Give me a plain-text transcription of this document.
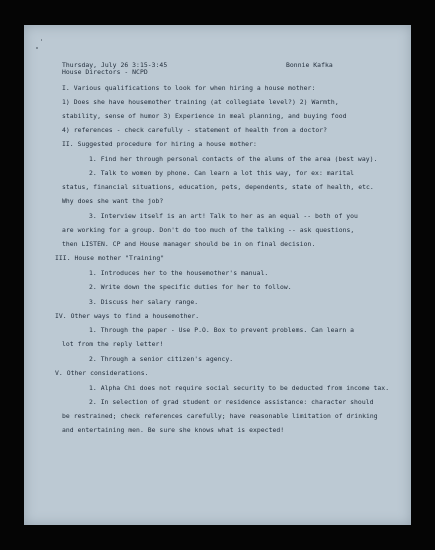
Thursday, July 26 3:15-3:45	Bonnie Kafka

House Directors - NCPD

I. Various qualifications to look for when hiring a house mother:

1) Does she have housemother training (at collegiate level?) 2) Warmth,

stability, sense of humor 3) Experience in meal planning, and buying food

4) references - check carefully - statement of health from a doctor?

II. Suggested procedure for hiring a house mother:

1. Find her through personal contacts of the alums of the area (best way).

2. Talk to women by phone. Can learn a lot this way, for ex: marital

status, financial situations, education, pets, dependents, state of health, etc.

Why does she want the job?

3. Interview itself is an art! Talk to her as an equal -- both of you

are working for a group. Don't do too much of the talking -- ask questions,

then LISTEN. CP and House manager should be in on final decision.

III. House mother "Training"

1. Introduces her to the housemother's manual.

2. Write down the specific duties for her to follow.

3. Discuss her salary range.

IV. Other ways to find a housemother.

1. Through the paper - Use P.O. Box to prevent problems. Can learn a

lot from the reply letter!

2. Through a senior citizen's agency.

V. Other considerations.

1. Alpha Chi does not require social security to be deducted from income tax.

2. In selection of grad student or residence assistance: character should

be restrained; check references carefully; have reasonable limitation of drinking

and entertaining men. Be sure she knows what is expected!
